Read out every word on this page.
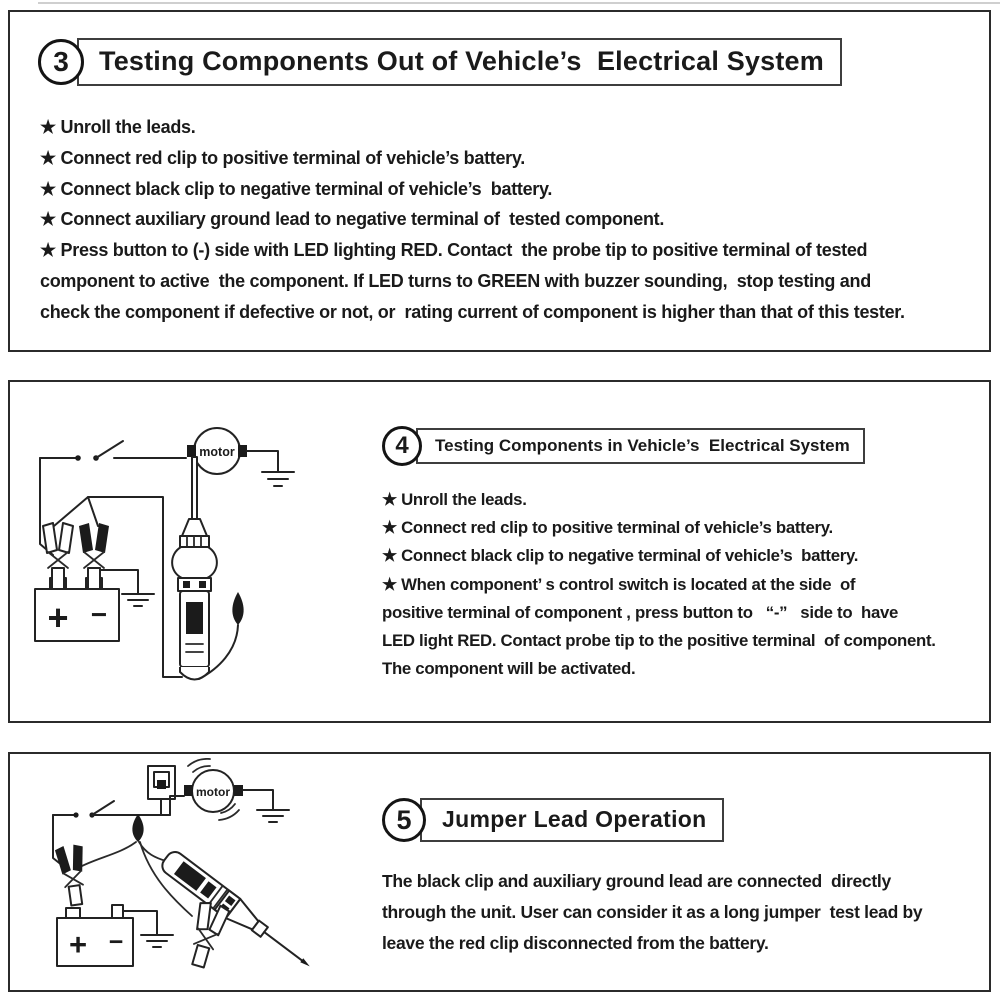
3	Testing Components Out of Vehicle’s  Electrical System
★ Unroll the leads.
★ Connect red clip to positive terminal of vehicle’s battery.
★ Connect black clip to negative terminal of vehicle’s  battery.
★ Connect auxiliary ground lead to negative terminal of  tested component.
★ Press button to (-) side with LED lighting RED. Contact  the probe tip to positive terminal of tested
component to active  the component. If LED turns to GREEN with buzzer sounding,  stop testing and
check the component if defective or not, or  rating current of component is higher than that of this tester.
motor
+ −
4	Testing Components in Vehicle’s  Electrical System
★ Unroll the leads.
★ Connect red clip to positive terminal of vehicle’s battery.
★ Connect black clip to negative terminal of vehicle’s  battery.
★ When component’ s control switch is located at the side  of
positive terminal of component , press button to   “-”   side to  have
LED light RED. Contact probe tip to the positive terminal  of component.
The component will be activated.
motor
+ −
5	Jumper Lead Operation
The black clip and auxiliary ground lead are connected  directly
through the unit. User can consider it as a long jumper  test lead by
leave the red clip disconnected from the battery.
